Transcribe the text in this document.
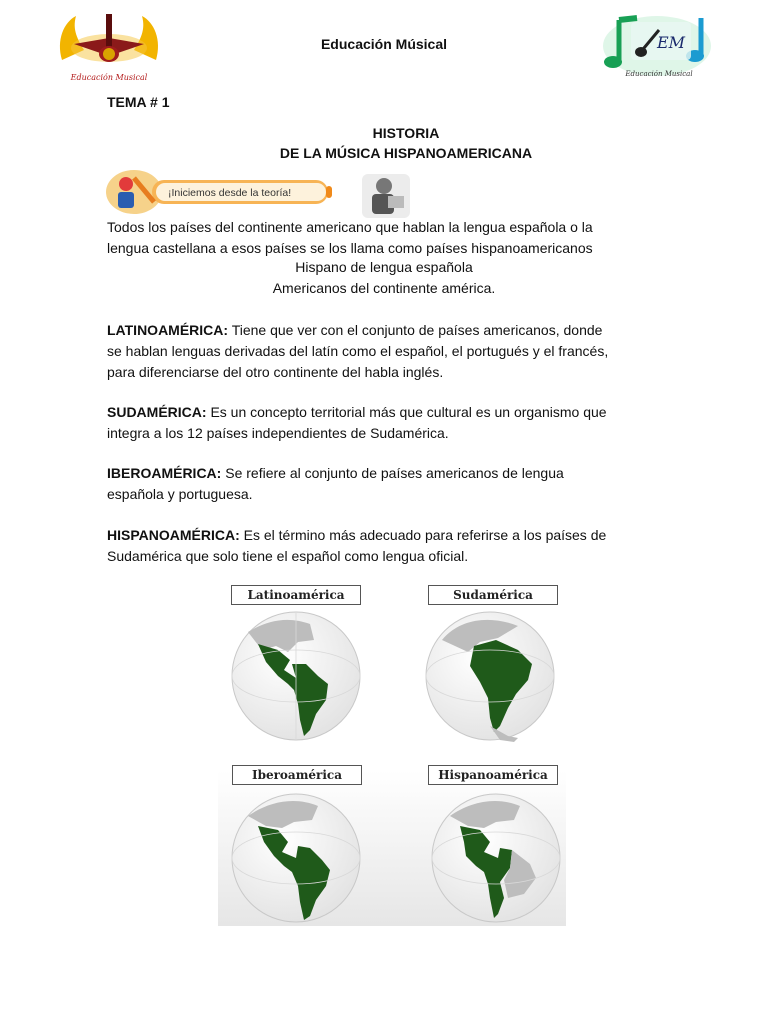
Educación Musical
EM
Educación Musical
Educación Músical
TEMA # 1
HISTORIA
DE LA MÚSICA HISPANOAMERICANA
¡Iniciemos desde la teoría!
Todos los países del continente americano que hablan la lengua española o la
lengua castellana a esos países se los llama como países hispanoamericanos
Hispano de lengua española
Americanos del continente américa.
LATINOAMÉRICA: Tiene que ver con el conjunto de países americanos, donde
se hablan lenguas derivadas del latín como el español, el portugués y el francés,
para diferenciarse del otro continente del habla inglés.
SUDAMÉRICA: Es un concepto territorial más que cultural es un organismo que
integra a los 12 países independientes de Sudamérica.
IBEROAMÉRICA: Se refiere al conjunto de países americanos de lengua
española y portuguesa.
HISPANOAMÉRICA: Es el término más adecuado para referirse a los países de
Sudamérica que solo tiene el español como lengua oficial.
Latinoamérica	Sudamérica
Iberoamérica	Hispanoamérica
